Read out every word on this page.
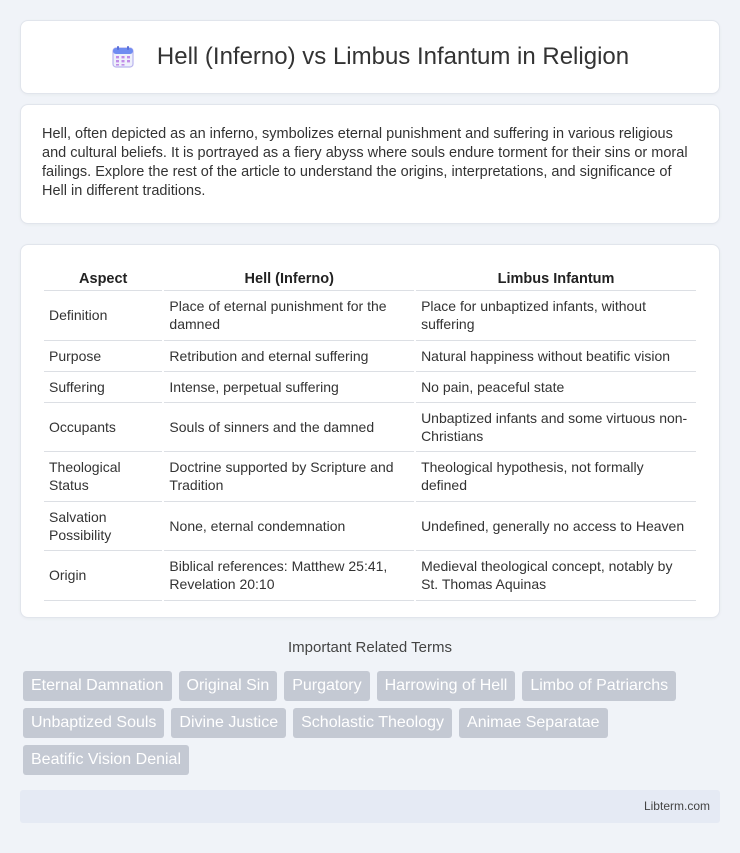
Hell (Inferno) vs Limbus Infantum in Religion

Hell, often depicted as an inferno, symbolizes eternal punishment and suffering in various religious and cultural beliefs. It is portrayed as a fiery abyss where souls endure torment for their sins or moral failings. Explore the rest of the article to understand the origins, interpretations, and significance of Hell in different traditions.

Aspect	Hell (Inferno)	Limbus Infantum
Definition	Place of eternal punishment for the damned	Place for unbaptized infants, without suffering
Purpose	Retribution and eternal suffering	Natural happiness without beatific vision
Suffering	Intense, perpetual suffering	No pain, peaceful state
Occupants	Souls of sinners and the damned	Unbaptized infants and some virtuous non-Christians
Theological Status	Doctrine supported by Scripture and Tradition	Theological hypothesis, not formally defined
Salvation Possibility	None, eternal condemnation	Undefined, generally no access to Heaven
Origin	Biblical references: Matthew 25:41, Revelation 20:10	Medieval theological concept, notably by St. Thomas Aquinas
Important Related Terms
Eternal Damnation	Original Sin	Purgatory	Harrowing of Hell	Limbo of Patriarchs
Unbaptized Souls	Divine Justice	Scholastic Theology	Animae Separatae
Beatific Vision Denial
Libterm.com
